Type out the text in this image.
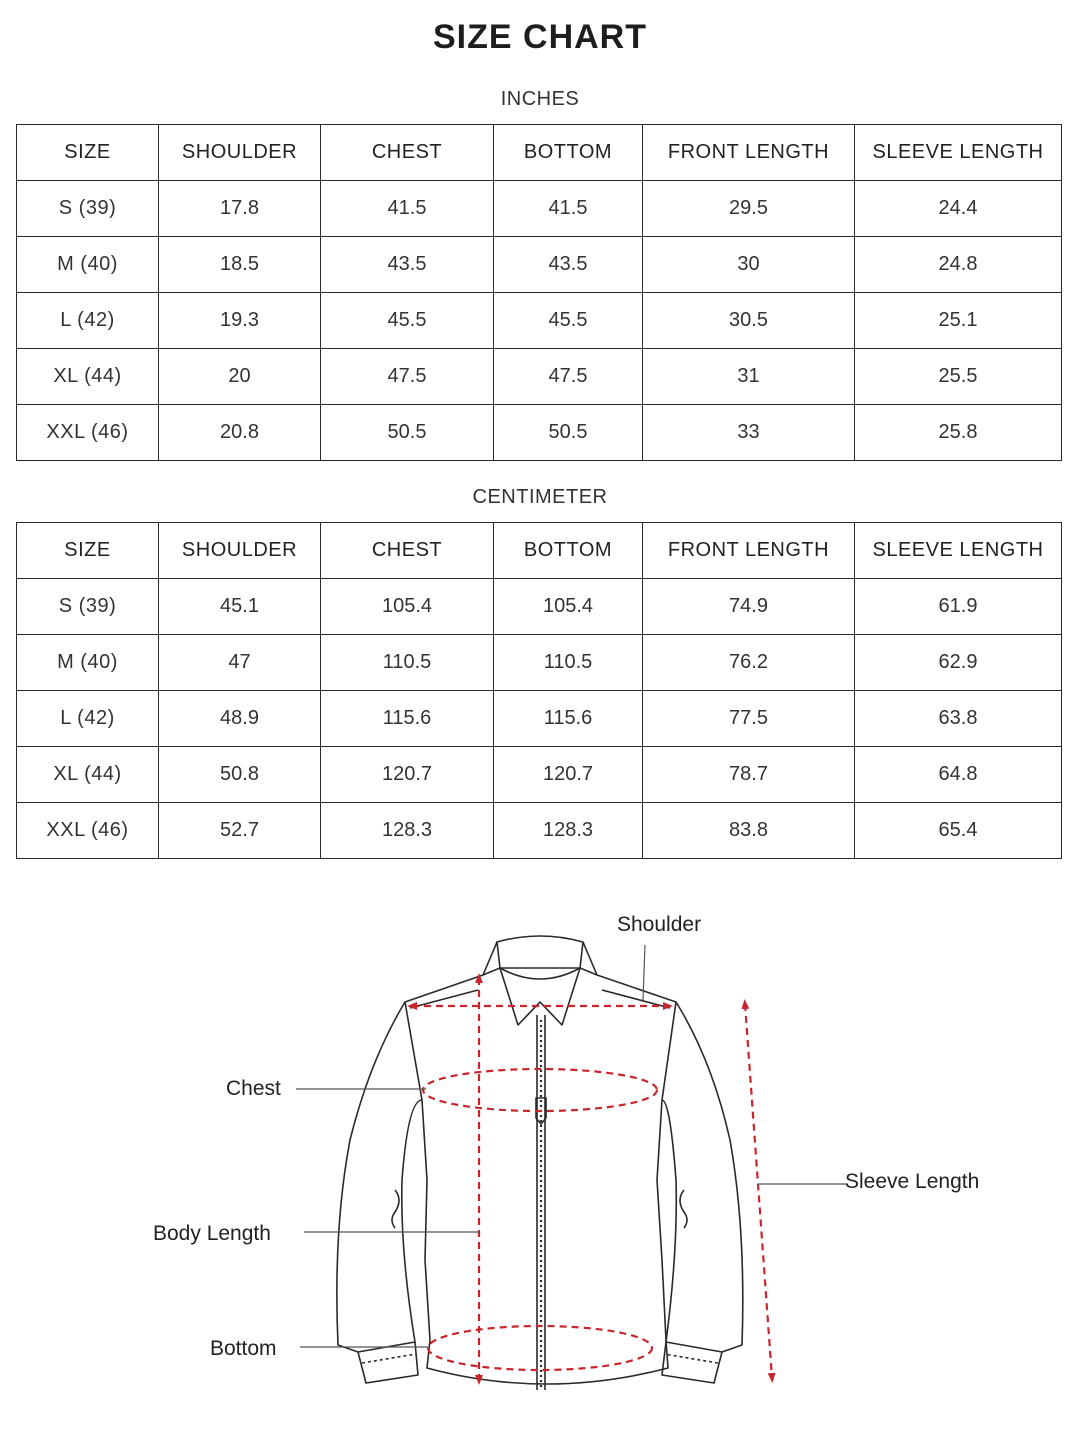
SIZE CHART
INCHES
SIZE	SHOULDER	CHEST	BOTTOM	FRONT LENGTH	SLEEVE LENGTH
S (39)	17.8	41.5	41.5	29.5	24.4
M (40)	18.5	43.5	43.5	30	24.8
L (42)	19.3	45.5	45.5	30.5	25.1
XL (44)	20	47.5	47.5	31	25.5
XXL (46)	20.8	50.5	50.5	33	25.8
CENTIMETER
SIZE	SHOULDER	CHEST	BOTTOM	FRONT LENGTH	SLEEVE LENGTH
S (39)	45.1	105.4	105.4	74.9	61.9
M (40)	47	110.5	110.5	76.2	62.9
L (42)	48.9	115.6	115.6	77.5	63.8
XL (44)	50.8	120.7	120.7	78.7	64.8
XXL (46)	52.7	128.3	128.3	83.8	65.4
Shoulder
Chest
Sleeve Length
Body Length
Bottom
